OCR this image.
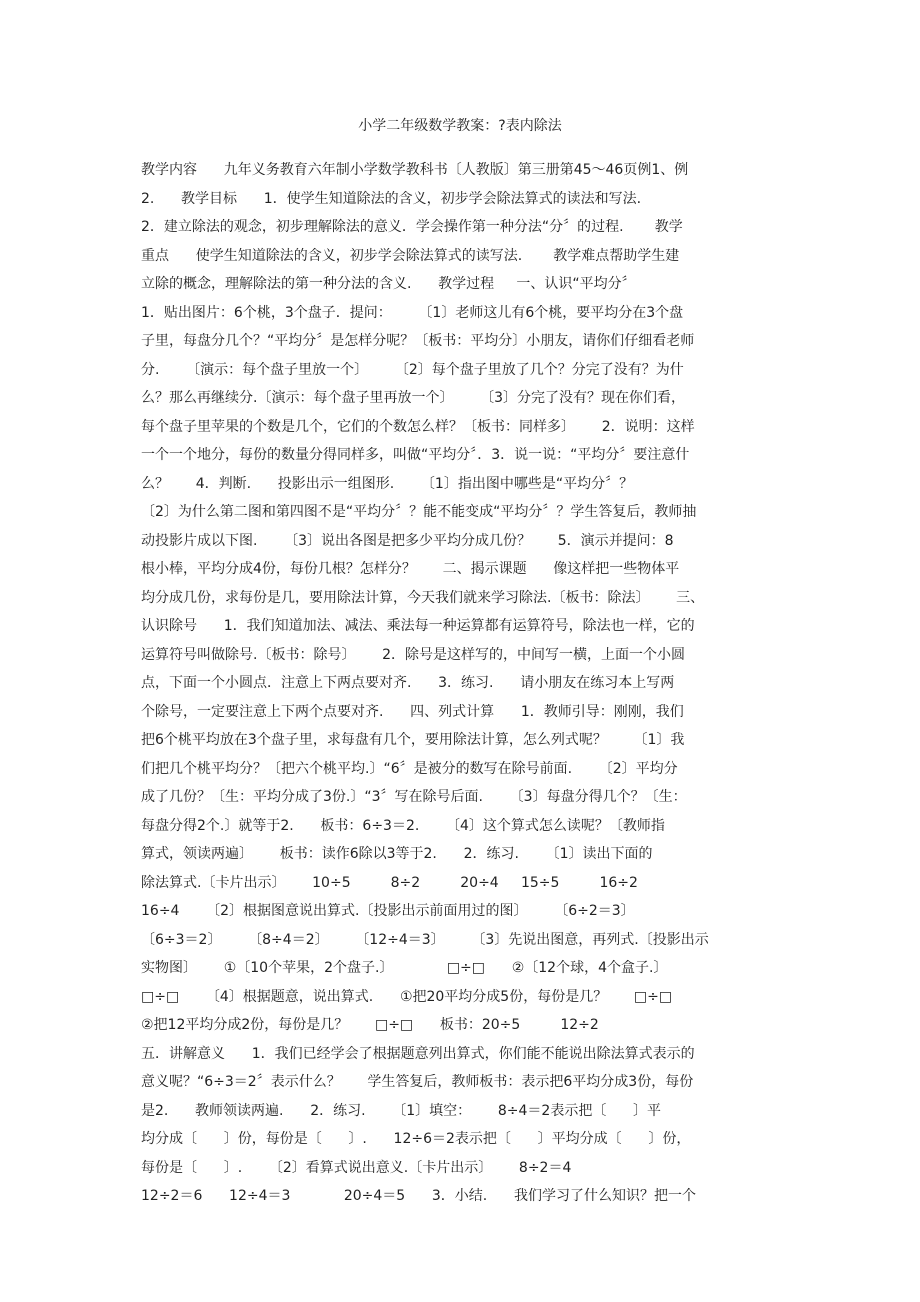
小学二年级数学教案：?表内除法
教学内容      九年义务教育六年制小学数学教科书〔人教版〕第三册第45～46页例1、例
2.      教学目标      1．使学生知道除法的含义，初步学会除法算式的读法和写法.
2．建立除法的观念，初步理解除法的意义．学会操作第一种分法“分〞的过程.       教学
重点      使学生知道除法的含义，初步学会除法算式的读写法.       教学难点帮助学生建
立除的概念，理解除法的第一种分法的含义.      教学过程     一、认识“平均分〞
1．贴出图片：6个桃，3个盘子．提问：      〔1〕老师这儿有6个桃，要平均分在3个盘
子里，每盘分几个？“平均分〞是怎样分呢？〔板书：平均分〕小朋友，请你们仔细看老师
分.      〔演示：每个盘子里放一个〕      〔2〕每个盘子里放了几个？分完了没有？为什
么？那么再继续分.〔演示：每个盘子里再放一个〕      〔3〕分完了没有？现在你们看，
每个盘子里苹果的个数是几个，它们的个数怎么样？〔板书：同样多〕      2．说明：这样
一个一个地分，每份的数量分得同样多，叫做“平均分〞．3．说一说：“平均分〞要注意什
么？      4．判断.      投影出示一组图形.      〔1〕指出图中哪些是“平均分〞？
〔2〕为什么第二图和第四图不是“平均分〞？能不能变成“平均分〞？学生答复后，教师抽
动投影片成以下图.      〔3〕说出各图是把多少平均分成几份？      5．演示并提问：8
根小棒，平均分成4份，每份几根？怎样分？      二、揭示课题      像这样把一些物体平
均分成几份，求每份是几，要用除法计算，今天我们就来学习除法.〔板书：除法〕      三、
认识除号      1．我们知道加法、减法、乘法每一种运算都有运算符号，除法也一样，它的
运算符号叫做除号.〔板书：除号〕      2．除号是这样写的，中间写一横，上面一个小圆
点，下面一个小圆点．注意上下两点要对齐.      3．练习.      请小朋友在练习本上写两
个除号，一定要注意上下两个点要对齐.      四、列式计算      1．教师引导：刚刚，我们
把6个桃平均放在3个盘子里，求每盘有几个，要用除法计算，怎么列式呢？      〔1〕我
们把几个桃平均分？〔把六个桃平均.〕“6〞是被分的数写在除号前面.      〔2〕平均分
成了几份？〔生：平均分成了3份.〕“3〞写在除号后面.      〔3〕每盘分得几个？〔生：
每盘分得2个.〕就等于2.      板书：6÷3＝2.      〔4〕这个算式怎么读呢？〔教师指
算式，领读两遍〕      板书：读作6除以3等于2.      2．练习.      〔1〕读出下面的
除法算式.〔卡片出示〕      10÷5         8÷2         20÷4     15÷5         16÷2
16÷4      〔2〕根据图意说出算式.〔投影出示前面用过的图〕      〔6÷2＝3〕
〔6÷3＝2〕      〔8÷4＝2〕      〔12÷4＝3〕      〔3〕先说出图意，再列式.〔投影出示
实物图〕      ①〔10个苹果，2个盘子.〕            □÷□      ②〔12个球，4个盒子.〕
□÷□      〔4〕根据题意，说出算式.      ①把20平均分成5份，每份是几？      □÷□
②把12平均分成2份，每份是几？      □÷□      板书：20÷5         12÷2
五．讲解意义      1．我们已经学会了根据题意列出算式，你们能不能说出除法算式表示的
意义呢？“6÷3＝2〞表示什么？      学生答复后，教师板书：表示把6平均分成3份，每份
是2.      教师领读两遍.      2．练习.      〔1〕填空：      8÷4＝2表示把〔      〕平
均分成〔      〕份，每份是〔      〕.      12÷6＝2表示把〔      〕平均分成〔      〕份，
每份是〔      〕.      〔2〕看算式说出意义.〔卡片出示〕      8÷2＝4
12÷2＝6      12÷4＝3            20÷4＝5      3．小结.      我们学习了什么知识？把一个
